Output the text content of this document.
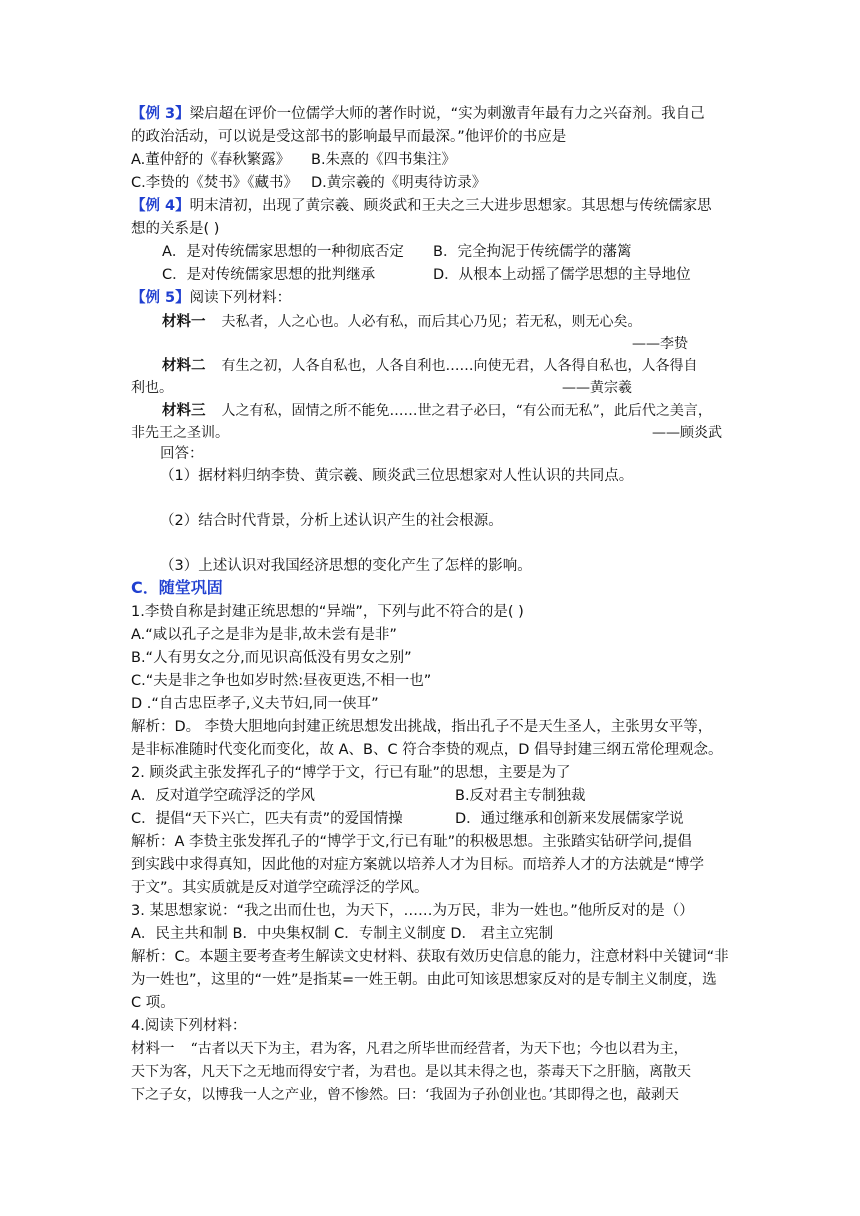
【例 3】梁启超在评价一位儒学大师的著作时说，“实为刺激青年最有力之兴奋剂。我自己
的政治活动，可以说是受这部书的影响最早而最深。”他评价的书应是
A.董仲舒的《春秋繁露》 B.朱熹的《四书集注》
C.李贽的《焚书》《藏书》 D.黄宗羲的《明夷待访录》
【例 4】明末清初，出现了黄宗羲、顾炎武和王夫之三大进步思想家。其思想与传统儒家思
想的关系是( )
A．是对传统儒家思想的一种彻底否定 B．完全拘泥于传统儒学的藩篱
C．是对传统儒家思想的批判继承	D．从根本上动摇了儒学思想的主导地位
【例 5】阅读下列材料：
材料一 夫私者，人之心也。人必有私，而后其心乃见；若无私，则无心矣。
——李贽
材料二 有生之初，人各自私也，人各自利也……向使无君，人各得自私也，人各得自
利也。	——黄宗羲
材料三 人之有私，固情之所不能免……世之君子必曰，“有公而无私”，此后代之美言，
非先王之圣训。	——顾炎武
回答：
（1）据材料归纳李贽、黄宗羲、顾炎武三位思想家对人性认识的共同点。
（2）结合时代背景，分析上述认识产生的社会根源。
（3）上述认识对我国经济思想的变化产生了怎样的影响。
C．随堂巩固
1.李贽自称是封建正统思想的“异端”，下列与此不符合的是( )
A.“咸以孔子之是非为是非,故未尝有是非”
B.“人有男女之分,而见识高低没有男女之别”
C.“夫是非之争也如岁时然:昼夜更迭,不相一也”
D .“自古忠臣孝子,义夫节妇,同一侠耳”
解析：D。 李贽大胆地向封建正统思想发出挑战，指出孔子不是天生圣人，主张男女平等，
是非标准随时代变化而变化，故 A、B、C 符合李贽的观点，D 倡导封建三纲五常伦理观念。
2. 顾炎武主张发挥孔子的“博学于文，行已有耻”的思想，主要是为了
A．反对道学空疏浮泛的学风	B.反对君主专制独裁
C．提倡“天下兴亡，匹夫有责”的爱国情操	D．通过继承和创新来发展儒家学说
解析：A 李贽主张发挥孔子的“博学于文,行已有耻”的积极思想。主张踏实钻研学问,提倡
到实践中求得真知，因此他的对症方案就以培养人才为目标。而培养人才的方法就是“博学
于文”。其实质就是反对道学空疏浮泛的学风。
3. 某思想家说：“我之出而仕也，为天下，……为万民，非为一姓也。”他所反对的是（）
A．民主共和制 B．中央集权制 C．专制主义制度 D． 君主立宪制
解析：C。本题主要考查考生解读文史材料、获取有效历史信息的能力，注意材料中关键词“非
为一姓也”，这里的“一姓”是指某=一姓王朝。由此可知该思想家反对的是专制主义制度，选
C 项。
4.阅读下列材料：
材料一 “古者以天下为主，君为客，凡君之所毕世而经营者，为天下也；今也以君为主，
天下为客，凡天下之无地而得安宁者，为君也。是以其未得之也，荼毒天下之肝脑，离散天
下之子女，以博我一人之产业，曾不惨然。曰：‘我固为子孙创业也。’其即得之也，敲剥天
